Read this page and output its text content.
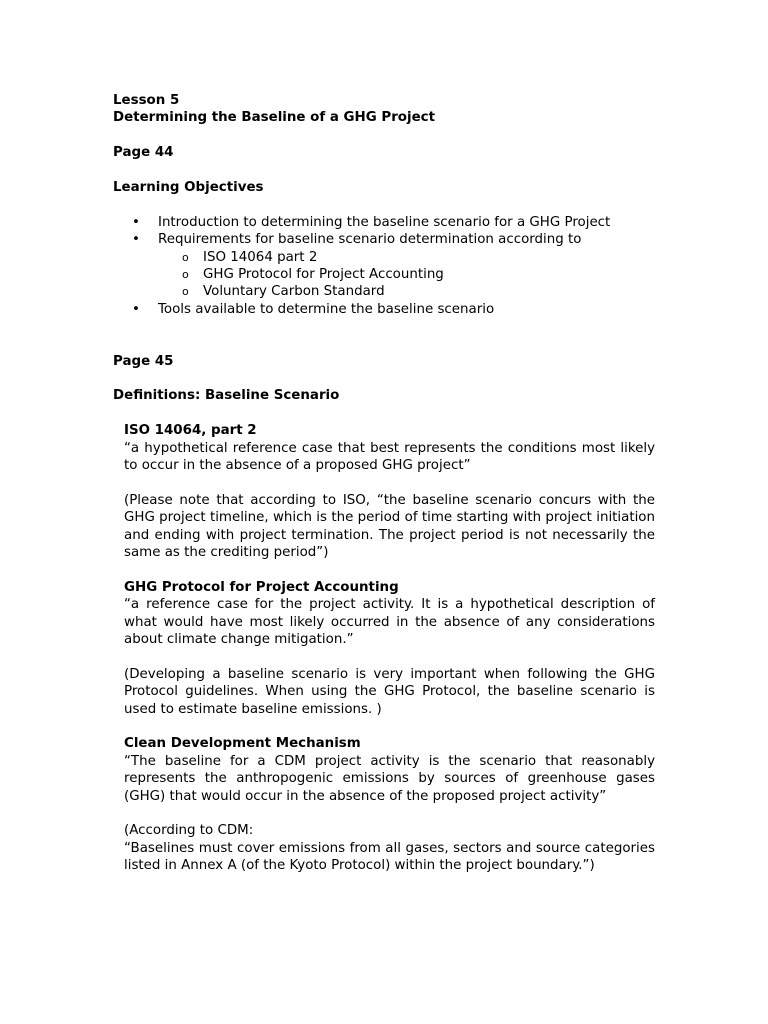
Lesson 5
Determining the Baseline of a GHG Project
Page 44
Learning Objectives
• Introduction to determining the baseline scenario for a GHG Project
• Requirements for baseline scenario determination according to
o ISO 14064 part 2
o GHG Protocol for Project Accounting
o Voluntary Carbon Standard
• Tools available to determine the baseline scenario
Page 45
Definitions: Baseline Scenario
ISO 14064, part 2
“a hypothetical reference case that best represents the conditions most likely to occur in the absence of a proposed GHG project”
(Please note that according to ISO, “the baseline scenario concurs with the GHG project timeline, which is the period of time starting with project initiation and ending with project termination. The project period is not necessarily the same as the crediting period”)
GHG Protocol for Project Accounting
“a reference case for the project activity. It is a hypothetical description of what would have most likely occurred in the absence of any considerations about climate change mitigation.”
(Developing a baseline scenario is very important when following the GHG Protocol guidelines. When using the GHG Protocol, the baseline scenario is used to estimate baseline emissions. )
Clean Development Mechanism
“The baseline for a CDM project activity is the scenario that reasonably represents the anthropogenic emissions by sources of greenhouse gases (GHG) that would occur in the absence of the proposed project activity”
(According to CDM:
“Baselines must cover emissions from all gases, sectors and source categories listed in Annex A (of the Kyoto Protocol) within the project boundary.”)
